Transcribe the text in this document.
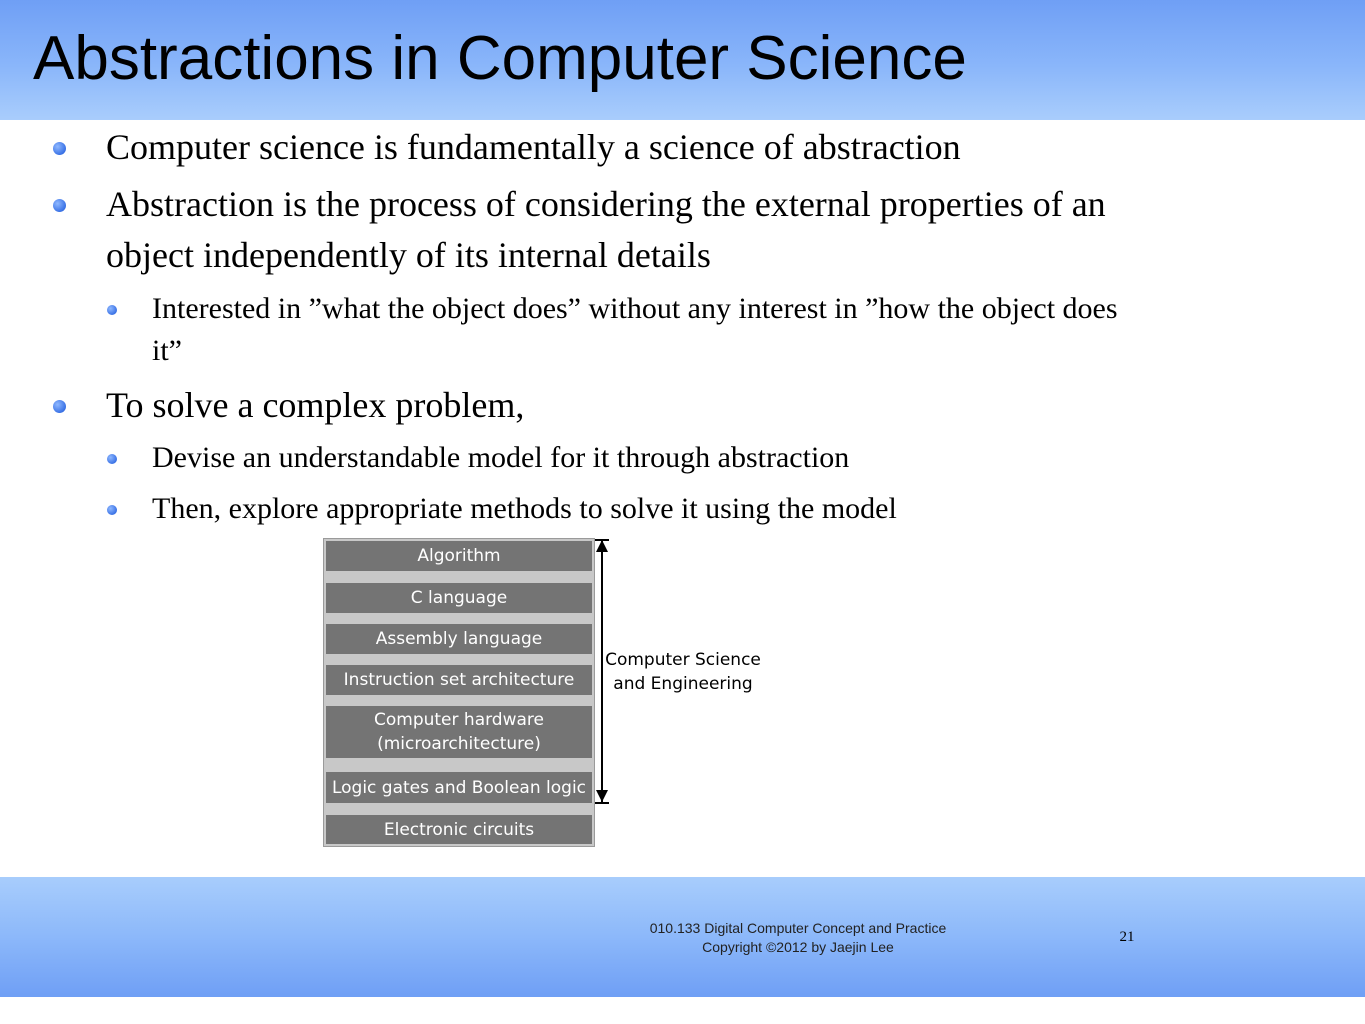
Abstractions in Computer Science

Computer science is fundamentally a science of abstraction

Abstraction is the process of considering the external properties of an
object independently of its internal details

Interested in ”what the object does” without any interest in ”how the object does
it”

To solve a complex problem,

Devise an understandable model for it through abstraction

Then, explore appropriate methods to solve it using the model

Algorithm
C language
Assembly language
Instruction set architecture
Computer hardware
(microarchitecture)
Logic gates and Boolean logic
Electronic circuits
Computer Science
and Engineering
010.133 Digital Computer Concept and Practice
Copyright ©2012 by Jaejin Lee
21
